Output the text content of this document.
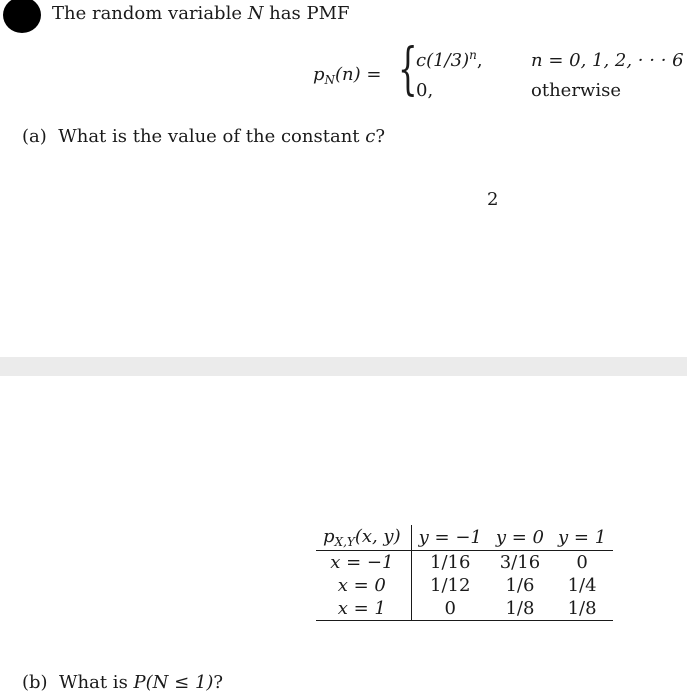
The random variable N has PMF
$p_N(n)$ = {
$c(1/3)^n$,	n = 0, 1, 2, · · · 6
0,	otherwise
(a) What is the value of the constant c?
2
$p_{X,Y}(x$, y)	y = −1	y = 0	y = 1
x = −1	1/16	3/16	0
x = 0	1/12	1/6	1/4
x = 1	0	1/8	1/8
(b) What is P(N ≤ 1)?
